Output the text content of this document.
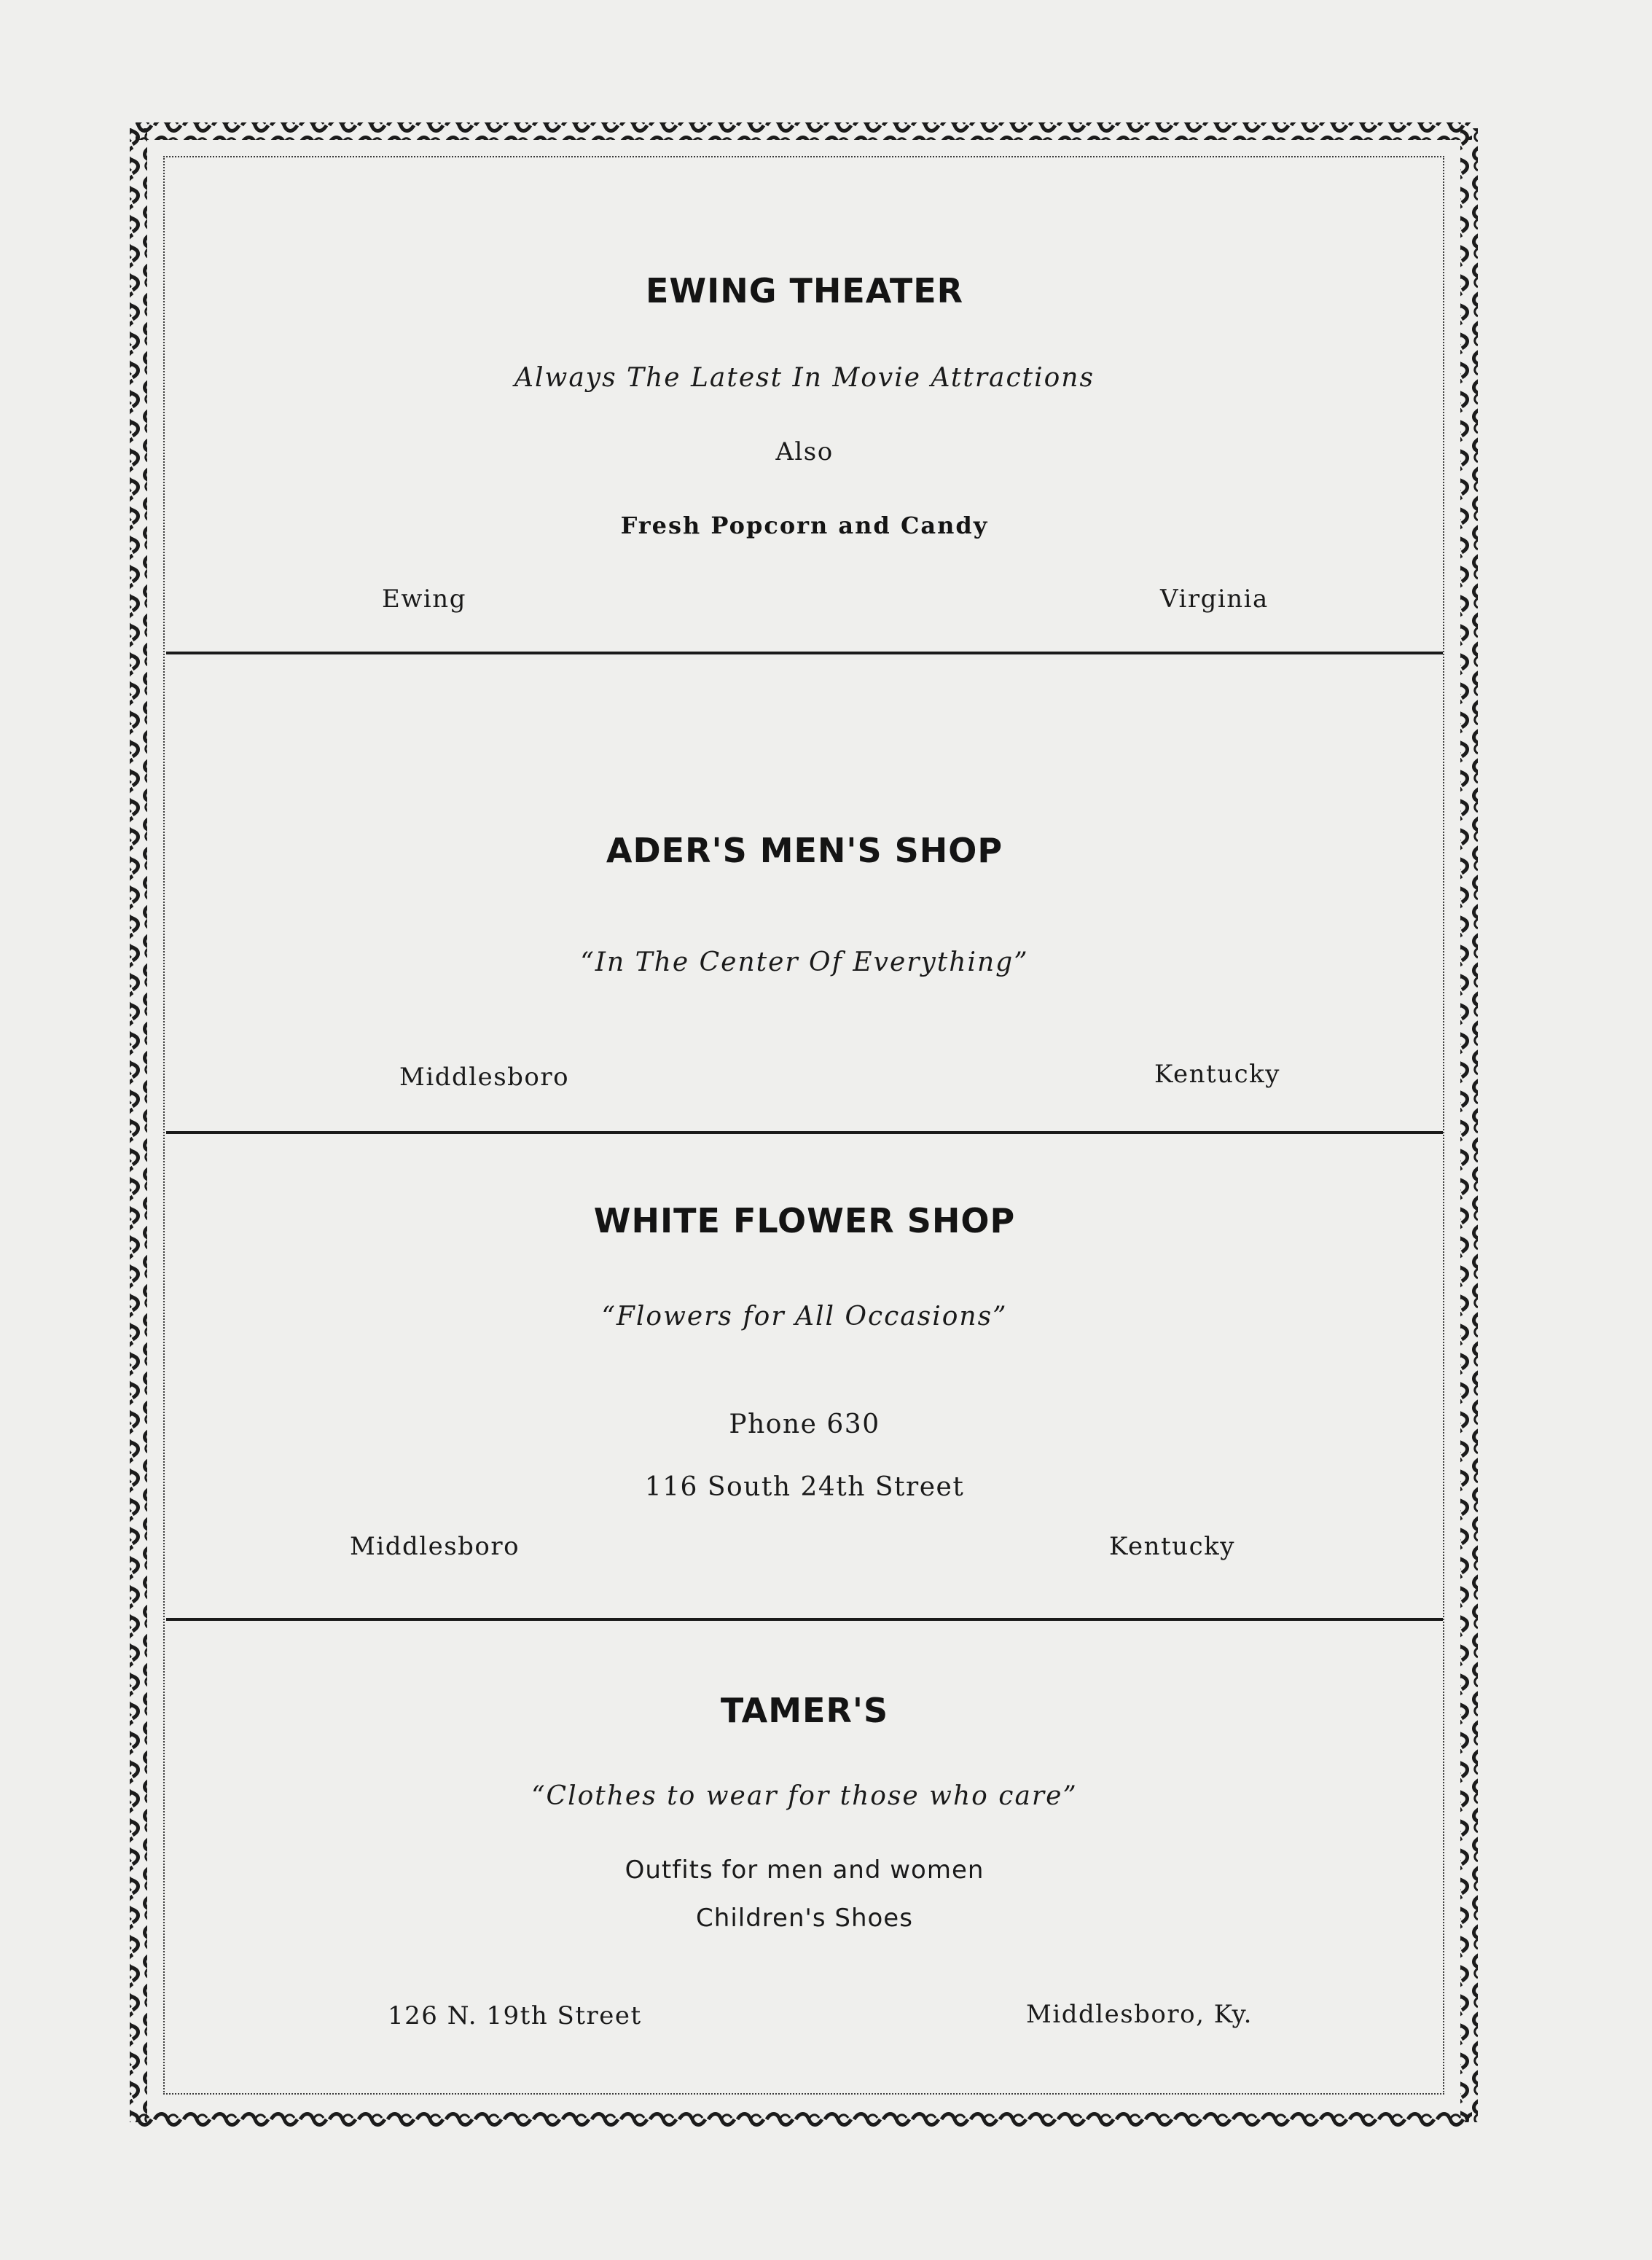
EWING THEATER
Always The Latest In Movie Attractions
Also
Fresh Popcorn and Candy
Ewing	Virginia
ADER'S MEN'S SHOP
“In The Center Of Everything”
Middlesboro	Kentucky
WHITE FLOWER SHOP
“Flowers for All Occasions”
Phone 630
116 South 24th Street
Middlesboro	Kentucky
TAMER'S
“Clothes to wear for those who care”
Outfits for men and women
Children's Shoes
126 N. 19th Street	Middlesboro, Ky.
